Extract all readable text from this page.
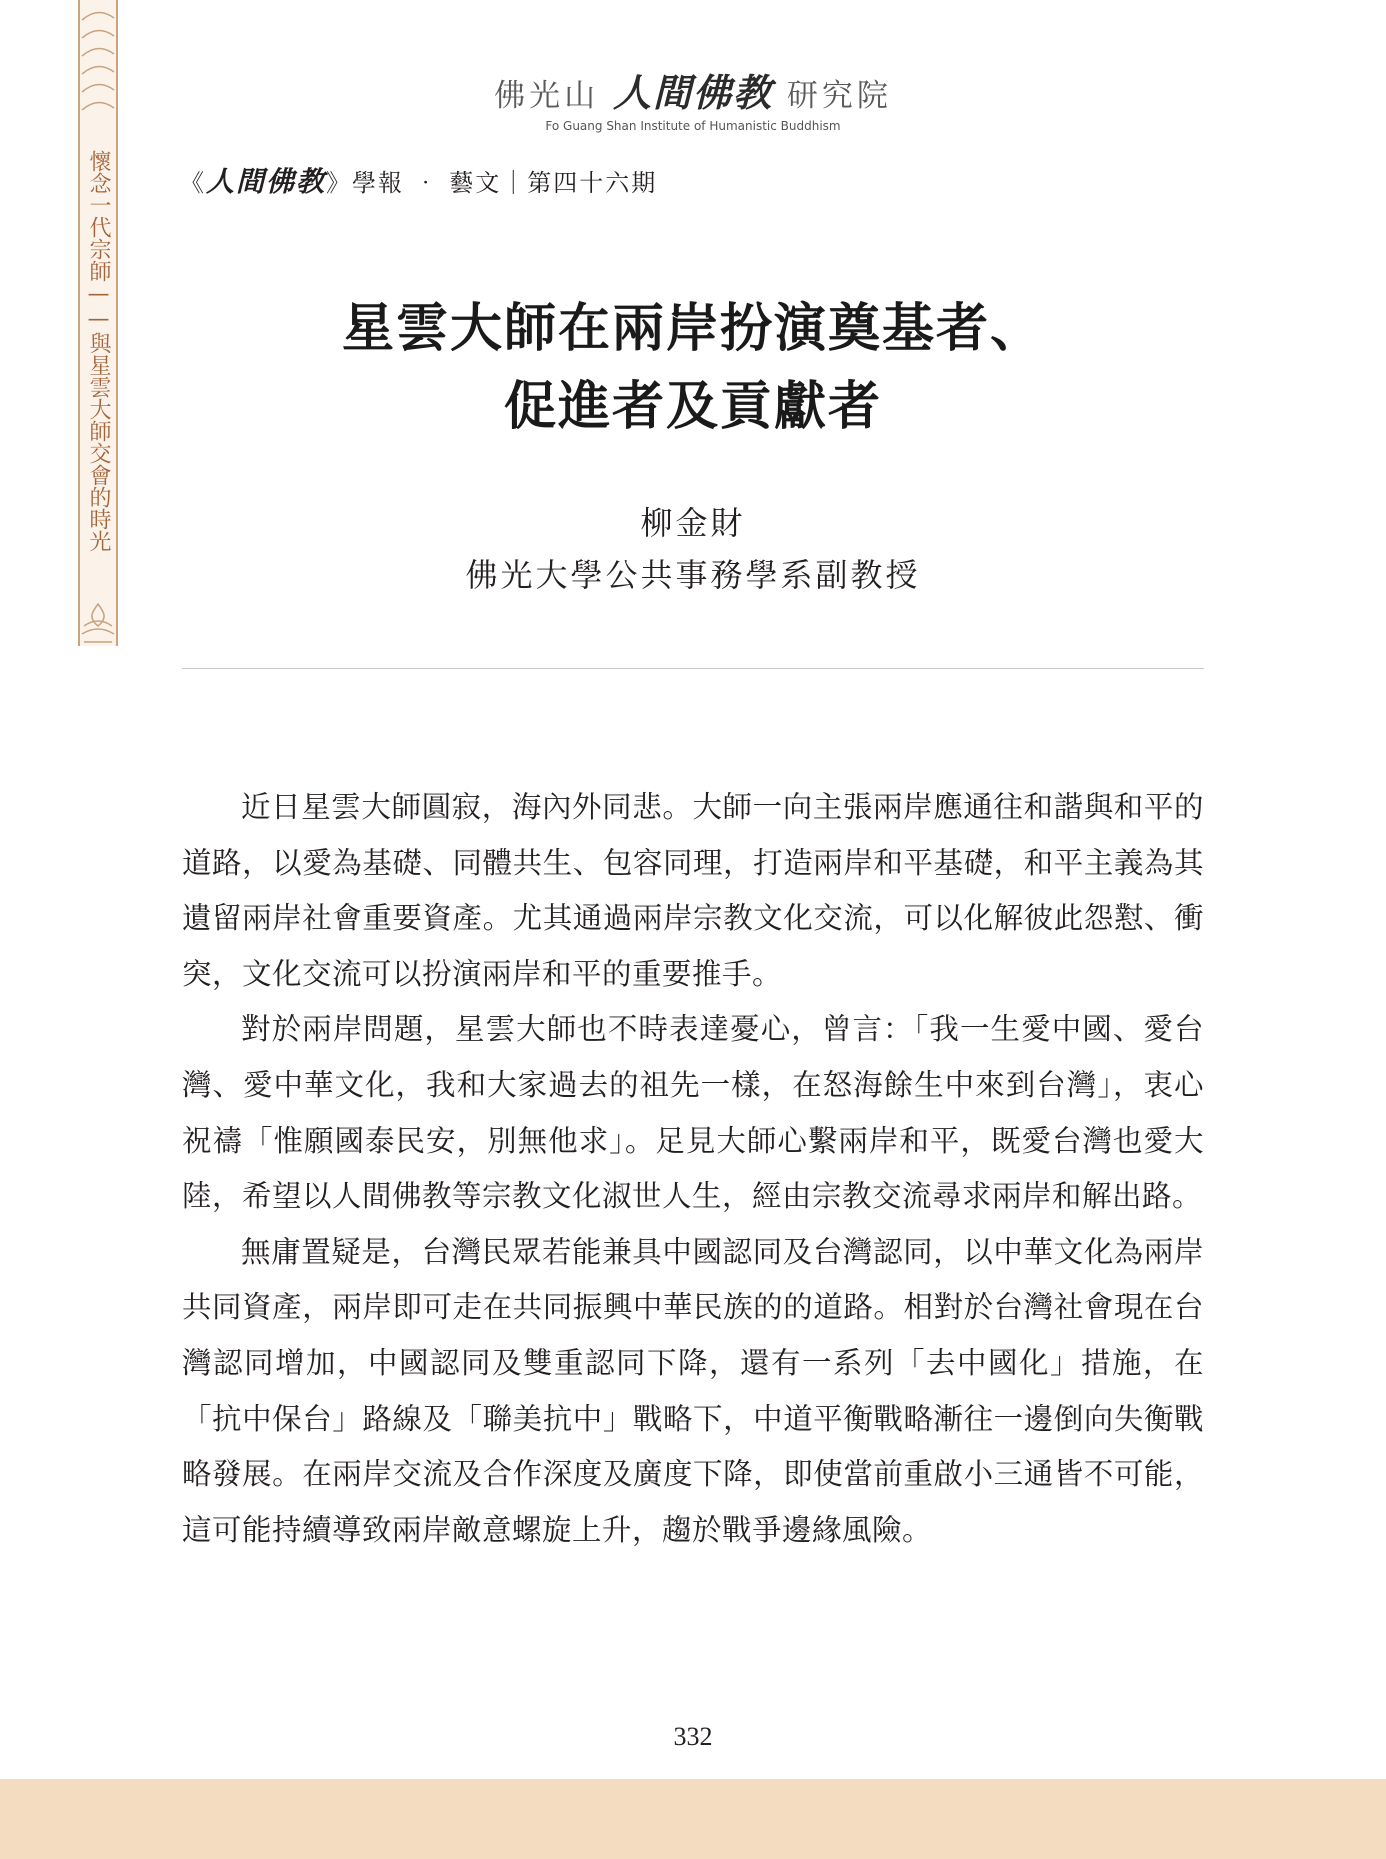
懷念一代宗師——與星雲大師交會的時光
佛光山 人間佛教 研究院
Fo Guang Shan Institute of Humanistic Buddhism
《人間佛教》學報 ‧ 藝文｜第四十六期
星雲大師在兩岸扮演奠基者、
促進者及貢獻者
柳金財
佛光大學公共事務學系副教授

近日星雲大師圓寂，海內外同悲。大師一向主張兩岸應通往和諧與和平的道路，以愛為基礎、同體共生、包容同理，打造兩岸和平基礎，和平主義為其遺留兩岸社會重要資產。尤其通過兩岸宗教文化交流，可以化解彼此怨懟、衝突，文化交流可以扮演兩岸和平的重要推手。

對於兩岸問題，星雲大師也不時表達憂心，曾言：「我一生愛中國、愛台灣、愛中華文化，我和大家過去的祖先一樣，在怒海餘生中來到台灣」，衷心祝禱「惟願國泰民安，別無他求」。足見大師心繫兩岸和平，既愛台灣也愛大陸，希望以人間佛教等宗教文化淑世人生，經由宗教交流尋求兩岸和解出路。

無庸置疑是，台灣民眾若能兼具中國認同及台灣認同，以中華文化為兩岸共同資產，兩岸即可走在共同振興中華民族的的道路。相對於台灣社會現在台灣認同增加，中國認同及雙重認同下降，還有一系列「去中國化」措施，在「抗中保台」路線及「聯美抗中」戰略下，中道平衡戰略漸往一邊倒向失衡戰略發展。在兩岸交流及合作深度及廣度下降，即使當前重啟小三通皆不可能，這可能持續導致兩岸敵意螺旋上升，趨於戰爭邊緣風險。

332
